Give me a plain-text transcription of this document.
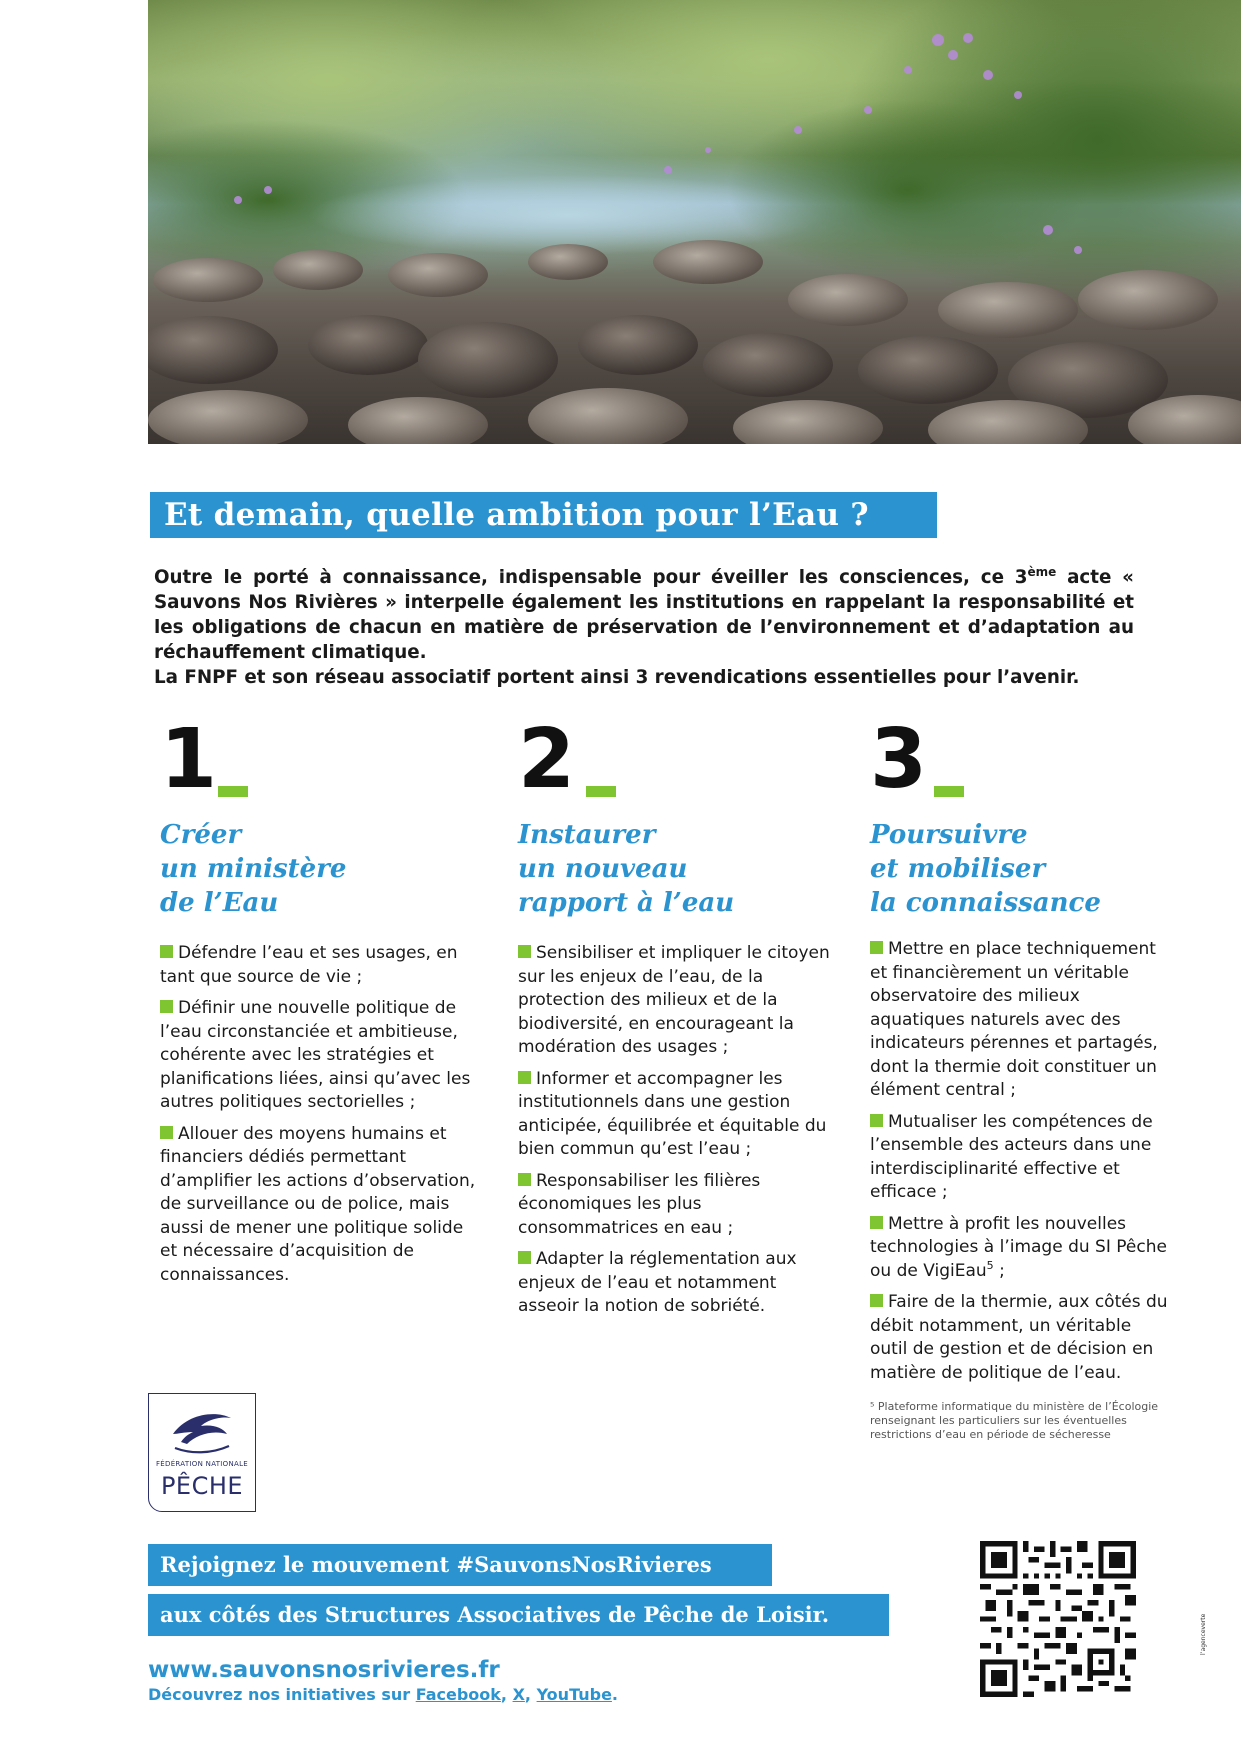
Et demain, quelle ambition pour l’Eau ?

Outre le porté à connaissance, indispensable pour éveiller les consciences, ce 3ème acte « Sauvons Nos Rivières » interpelle également les institutions en rappelant la responsabilité et les obligations de chacun en matière de préservation de l’environnement et d’adaptation au réchauffement climatique.

La FNPF et son réseau associatif portent ainsi 3 revendications essentielles pour l’avenir.

1
Créer
un ministère
de l’Eau
Défendre l’eau et ses usages, en tant que source de vie ;
Définir une nouvelle politique de l’eau circonstanciée et ambitieuse, cohérente avec les stratégies et planifications liées, ainsi qu’avec les autres politiques sectorielles ;
Allouer des moyens humains et financiers dédiés permettant d’amplifier les actions d’observation, de surveillance ou de police, mais aussi de mener une politique solide et nécessaire d’acquisition de connaissances.
2
Instaurer
un nouveau
rapport à l’eau
Sensibiliser et impliquer le citoyen sur les enjeux de l’eau, de la protection des milieux et de la biodiversité, en encourageant la modération des usages ;
Informer et accompagner les institutionnels dans une gestion anticipée, équilibrée et équitable du bien commun qu’est l’eau ;
Responsabiliser les filières économiques les plus consommatrices en eau ;
Adapter la réglementation aux enjeux de l’eau et notamment asseoir la notion de sobriété.
3
Poursuivre
et mobiliser
la connaissance
Mettre en place techniquement et financièrement un véritable observatoire des milieux aquatiques naturels avec des indicateurs pérennes et partagés, dont la thermie doit constituer un élément central ;
Mutualiser les compétences de l’ensemble des acteurs dans une interdisciplinarité effective et efficace ;
Mettre à profit les nouvelles technologies à l’image du SI Pêche ou de VigiEau$^5$ ;
Faire de la thermie, aux côtés du débit notamment, un véritable outil de gestion et de décision en matière de politique de l’eau.
⁵ Plateforme informatique du ministère de l’Écologie renseignant les particuliers sur les éventuelles restrictions d’eau en période de sécheresse
FÉDÉRATION NATIONALE
PÊCHE
Rejoignez le mouvement #SauvonsNosRivieres
aux côtés des Structures Associatives de Pêche de Loisir.
www.sauvonsnosrivieres.fr
Découvrez nos initiatives sur Facebook, X, YouTube.
l’agenceverte
